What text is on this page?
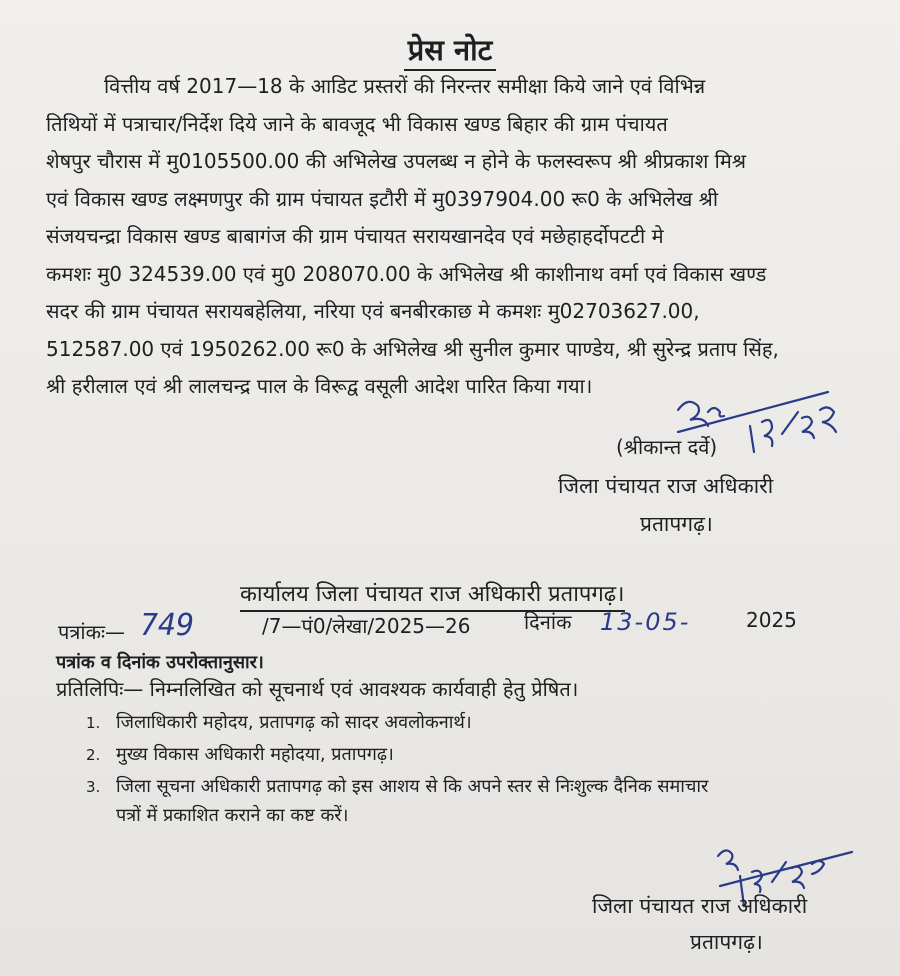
प्रेस नोट
वित्तीय वर्ष 2017—18 के आडिट प्रस्तरों की निरन्तर समीक्षा किये जाने एवं विभिन्न
तिथियों में पत्राचार/निर्देश दिये जाने के बावजूद भी विकास खण्ड बिहार की ग्राम पंचायत
शेषपुर चौरास में मु0105500.00 की अभिलेख उपलब्ध न होने के फलस्वरूप श्री श्रीप्रकाश मिश्र
एवं विकास खण्ड लक्ष्मणपुर की ग्राम पंचायत इटौरी में मु0397904.00 रू0 के अभिलेख श्री
संजयचन्द्रा विकास खण्ड बाबागंज की ग्राम पंचायत सरायखानदेव एवं मछेहाहर्दोपटटी मे
कमशः मु0 324539.00 एवं मु0 208070.00 के अभिलेख श्री काशीनाथ वर्मा एवं विकास खण्ड
सदर की ग्राम पंचायत सरायबहेलिया, नरिया एवं बनबीरकाछ मे कमशः मु02703627.00,
512587.00 एवं 1950262.00 रू0 के अभिलेख श्री सुनील कुमार पाण्डेय, श्री सुरेन्द्र प्रताप सिंह,
श्री हरीलाल एवं श्री लालचन्द्र पाल के विरूद्व वसूली आदेश पारित किया गया।
(श्रीकान्त दर्वे)
जिला पंचायत राज अधिकारी
प्रतापगढ़।
कार्यालय जिला पंचायत राज अधिकारी प्रतापगढ़।
पत्रांकः— 749	/7—पं0/लेखा/2025—26	दिनांक 13-05-	2025
पत्रांक व दिनांक उपरोक्तानुसार।
प्रतिलिपिः— निम्नलिखित को सूचनार्थ एवं आवश्यक कार्यवाही हेतु प्रेषित।
1. जिलाधिकारी महोदय, प्रतापगढ़ को सादर अवलोकनार्थ।
2. मुख्य विकास अधिकारी महोदया, प्रतापगढ़।
3. जिला सूचना अधिकारी प्रतापगढ़ को इस आशय से कि अपने स्तर से निःशुल्क दैनिक समाचार
पत्रों में प्रकाशित कराने का कष्ट करें।
जिला पंचायत राज अधिकारी
प्रतापगढ़।
